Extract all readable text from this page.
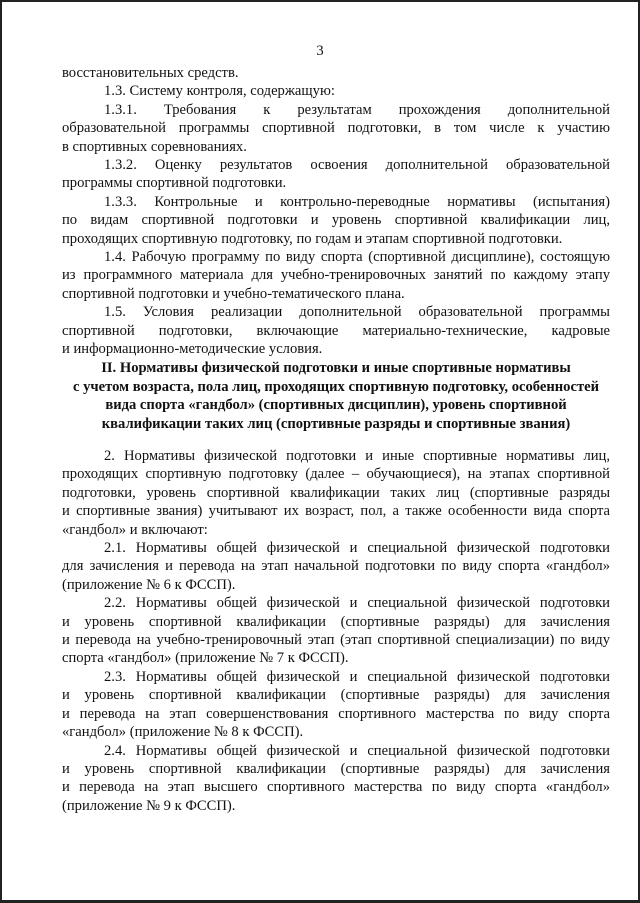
3
восстановительных средств.
1.3. Систему контроля, содержащую:
1.3.1. Требования к результатам прохождения дополнительной
образовательной программы спортивной подготовки, в том числе к участию
в спортивных соревнованиях.
1.3.2. Оценку результатов освоения дополнительной образовательной
программы спортивной подготовки.
1.3.3. Контрольные и контрольно-переводные нормативы (испытания)
по видам спортивной подготовки и уровень спортивной квалификации лиц,
проходящих спортивную подготовку, по годам и этапам спортивной подготовки.
1.4. Рабочую программу по виду спорта (спортивной дисциплине), состоящую
из программного материала для учебно-тренировочных занятий по каждому этапу
спортивной подготовки и учебно-тематического плана.
1.5. Условия реализации дополнительной образовательной программы
спортивной подготовки, включающие материально-технические, кадровые
и информационно-методические условия.
II. Нормативы физической подготовки и иные спортивные нормативы
с учетом возраста, пола лиц, проходящих спортивную подготовку, особенностей
вида спорта «гандбол» (спортивных дисциплин), уровень спортивной
квалификации таких лиц (спортивные разряды и спортивные звания)
2. Нормативы физической подготовки и иные спортивные нормативы лиц,
проходящих спортивную подготовку (далее – обучающиеся), на этапах спортивной
подготовки, уровень спортивной квалификации таких лиц (спортивные разряды
и спортивные звания) учитывают их возраст, пол, а также особенности вида спорта
«гандбол» и включают:
2.1. Нормативы общей физической и специальной физической подготовки
для зачисления и перевода на этап начальной подготовки по виду спорта «гандбол»
(приложение № 6 к ФССП).
2.2. Нормативы общей физической и специальной физической подготовки
и уровень спортивной квалификации (спортивные разряды) для зачисления
и перевода на учебно-тренировочный этап (этап спортивной специализации) по виду
спорта «гандбол» (приложение № 7 к ФССП).
2.3. Нормативы общей физической и специальной физической подготовки
и уровень спортивной квалификации (спортивные разряды) для зачисления
и перевода на этап совершенствования спортивного мастерства по виду спорта
«гандбол» (приложение № 8 к ФССП).
2.4. Нормативы общей физической и специальной физической подготовки
и уровень спортивной квалификации (спортивные разряды) для зачисления
и перевода на этап высшего спортивного мастерства по виду спорта «гандбол»
(приложение № 9 к ФССП).
